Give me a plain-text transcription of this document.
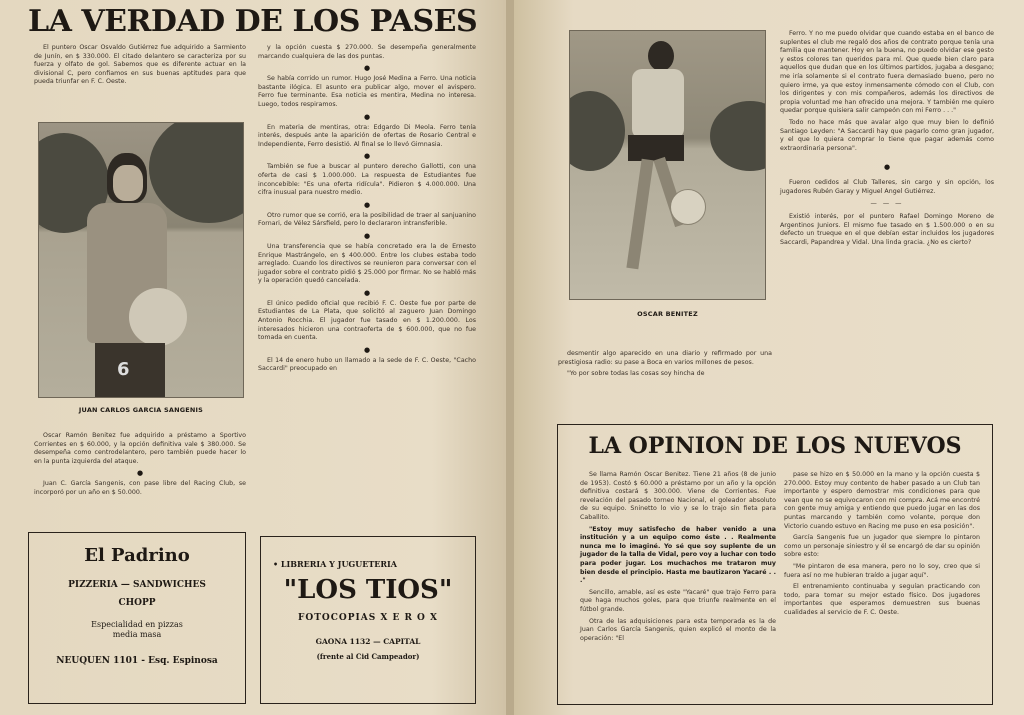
LA VERDAD DE LOS PASES

El puntero Oscar Osvaldo Gutiérrez fue adquirido a Sarmiento de Junín, en $ 330.000. El citado delantero se caracteriza por su fuerza y olfato de gol. Sabemos que es diferente actuar en la divisional C, pero confiamos en sus buenas aptitudes para que pueda triunfar en F. C. Oeste.

6
JUAN CARLOS GARCIA SANGENIS

Oscar Ramón Benitez fue adquirido a préstamo a Sportivo Corrientes en $ 60.000, y la opción definitiva vale $ 380.000. Se desempeña como centrodelantero, pero también puede hacer lo en la punta izquierda del ataque.

●

Juan C. García Sangenis, con pase libre del Racing Club, se incorporó por un año en $ 50.000.

y la opción cuesta $ 270.000. Se desempeña generalmente marcando cualquiera de las dos puntas.

●

Se había corrido un rumor. Hugo José Medina a Ferro. Una noticia bastante ilógica. El asunto era publicar algo, mover el avispero. Ferro fue terminante. Esa noticia es mentira, Medina no interesa. Luego, todos respiramos.

●

En materia de mentiras, otra: Edgardo Di Meola. Ferro tenía interés, después ante la aparición de ofertas de Rosario Central e Independiente, Ferro desistió. Al final se lo llevó Gimnasia.

●

También se fue a buscar al puntero derecho Gallotti, con una oferta de casi $ 1.000.000. La respuesta de Estudiantes fue inconcebible: "Es una oferta ridícula". Pidieron $ 4.000.000. Una cifra inusual para nuestro medio.

●

Otro rumor que se corrió, era la posibilidad de traer al sanjuanino Fornari, de Vélez Sársfield, pero lo declararon intransferible.

●

Una transferencia que se había concretado era la de Ernesto Enrique Mastrángelo, en $ 400.000. Entre los clubes estaba todo arreglado. Cuando los directivos se reunieron para conversar con el jugador sobre el contrato pidió $ 25.000 por firmar. No se habló más y la operación quedó cancelada.

●

El único pedido oficial que recibió F. C. Oeste fue por parte de Estudiantes de La Plata, que solicitó al zaguero Juan Domingo Antonio Rocchia. El jugador fue tasado en $ 1.200.000. Los interesados hicieron una contraoferta de $ 600.000, que no fue tomada en cuenta.

●

El 14 de enero hubo un llamado a la sede de F. C. Oeste, "Cacho Saccardi" preocupado en

El Padrino
PIZZERIA — SANDWICHES
CHOPP
Especialidad en pizzas
media masa
NEUQUEN 1101 - Esq. Espinosa
• LIBRERIA Y JUGUETERIA
"LOS TIOS"
FOTOCOPIAS X E R O X
GAONA 1132 — CAPITAL
(frente al Cid Campeador)
OSCAR BENITEZ

desmentir algo aparecido en una diario y refirmado por una prestigiosa radio: su pase a Boca en varios millones de pesos.

"Yo por sobre todas las cosas soy hincha de

Ferro. Y no me puedo olvidar que cuando estaba en el banco de suplentes el club me regaló dos años de contrato porque tenía una familia que mantener. Hoy en la buena, no puedo olvidar ese gesto y estos colores tan queridos para mí. Que quede bien claro para aquellos que dudan que en los últimos partidos, jugaba a desgano; me iría solamente si el contrato fuera demasiado bueno, pero no quiero irme, ya que estoy inmensamente cómodo con el Club, con los dirigentes y con mis compañeros, además los directivos de propia voluntad me han ofrecido una mejora. Y también me quiero quedar porque quisiera salir campeón con mi Ferro . . ."

Todo no hace más que avalar algo que muy bien lo definió Santiago Leyden: "A Saccardi hay que pagarlo como gran jugador, y el que lo quiera comprar lo tiene que pagar además como extraordinaria persona".

●

Fueron cedidos al Club Talleres, sin cargo y sin opción, los jugadores Rubén Garay y Miguel Angel Gutiérrez.

— — —

Existió interés, por el puntero Rafael Domingo Moreno de Argentinos Juniors. El mismo fue tasado en $ 1.500.000 o en su defecto un trueque en el que debían estar incluidos los jugadores Saccardi, Papandrea y Vidal. Una linda gracia. ¿No es cierto?

LA OPINION DE LOS NUEVOS

Se llama Ramón Oscar Benitez. Tiene 21 años (8 de junio de 1953). Costó $ 60.000 a préstamo por un año y la opción definitiva costará $ 300.000. Viene de Corrientes. Fue revelación del pasado torneo Nacional, el goleador absoluto de su equipo. Sninetto lo vio y se lo trajo sin fieta para Caballito.

"Estoy muy satisfecho de haber venido a una institución y a un equipo como éste . . Realmente nunca me lo imaginé. Yo sé que soy suplente de un jugador de la talla de Vidal, pero voy a luchar con todo para poder jugar. Los muchachos me trataron muy bien desde el principio. Hasta me bautizaron Yacaré . . ."

Sencillo, amable, así es este "Yacaré" que trajo Ferro para que haga muchos goles, para que triunfe realmente en el fútbol grande.

Otra de las adquisiciones para esta temporada es la de Juan Carlos García Sangenis, quien explicó el monto de la operación: "El

pase se hizo en $ 50.000 en la mano y la opción cuesta $ 270.000. Estoy muy contento de haber pasado a un Club tan importante y espero demostrar mis condiciones para que vean que no se equivocaron con mi compra. Acá me encontré con gente muy amiga y entiendo que puedo jugar en las dos puntas marcando y también como volante, porque don Victorio cuando estuvo en Racing me puso en esa posición".

García Sangenis fue un jugador que siempre lo pintaron como un personaje siniestro y él se encargó de dar su opinión sobre esto:

"Me pintaron de esa manera, pero no lo soy, creo que si fuera así no me hubieran traído a jugar aquí".

El entrenamiento continuaba y seguían practicando con todo, para tomar su mejor estado físico. Dos jugadores importantes que esperamos demuestren sus buenas cualidades al servicio de F. C. Oeste.
